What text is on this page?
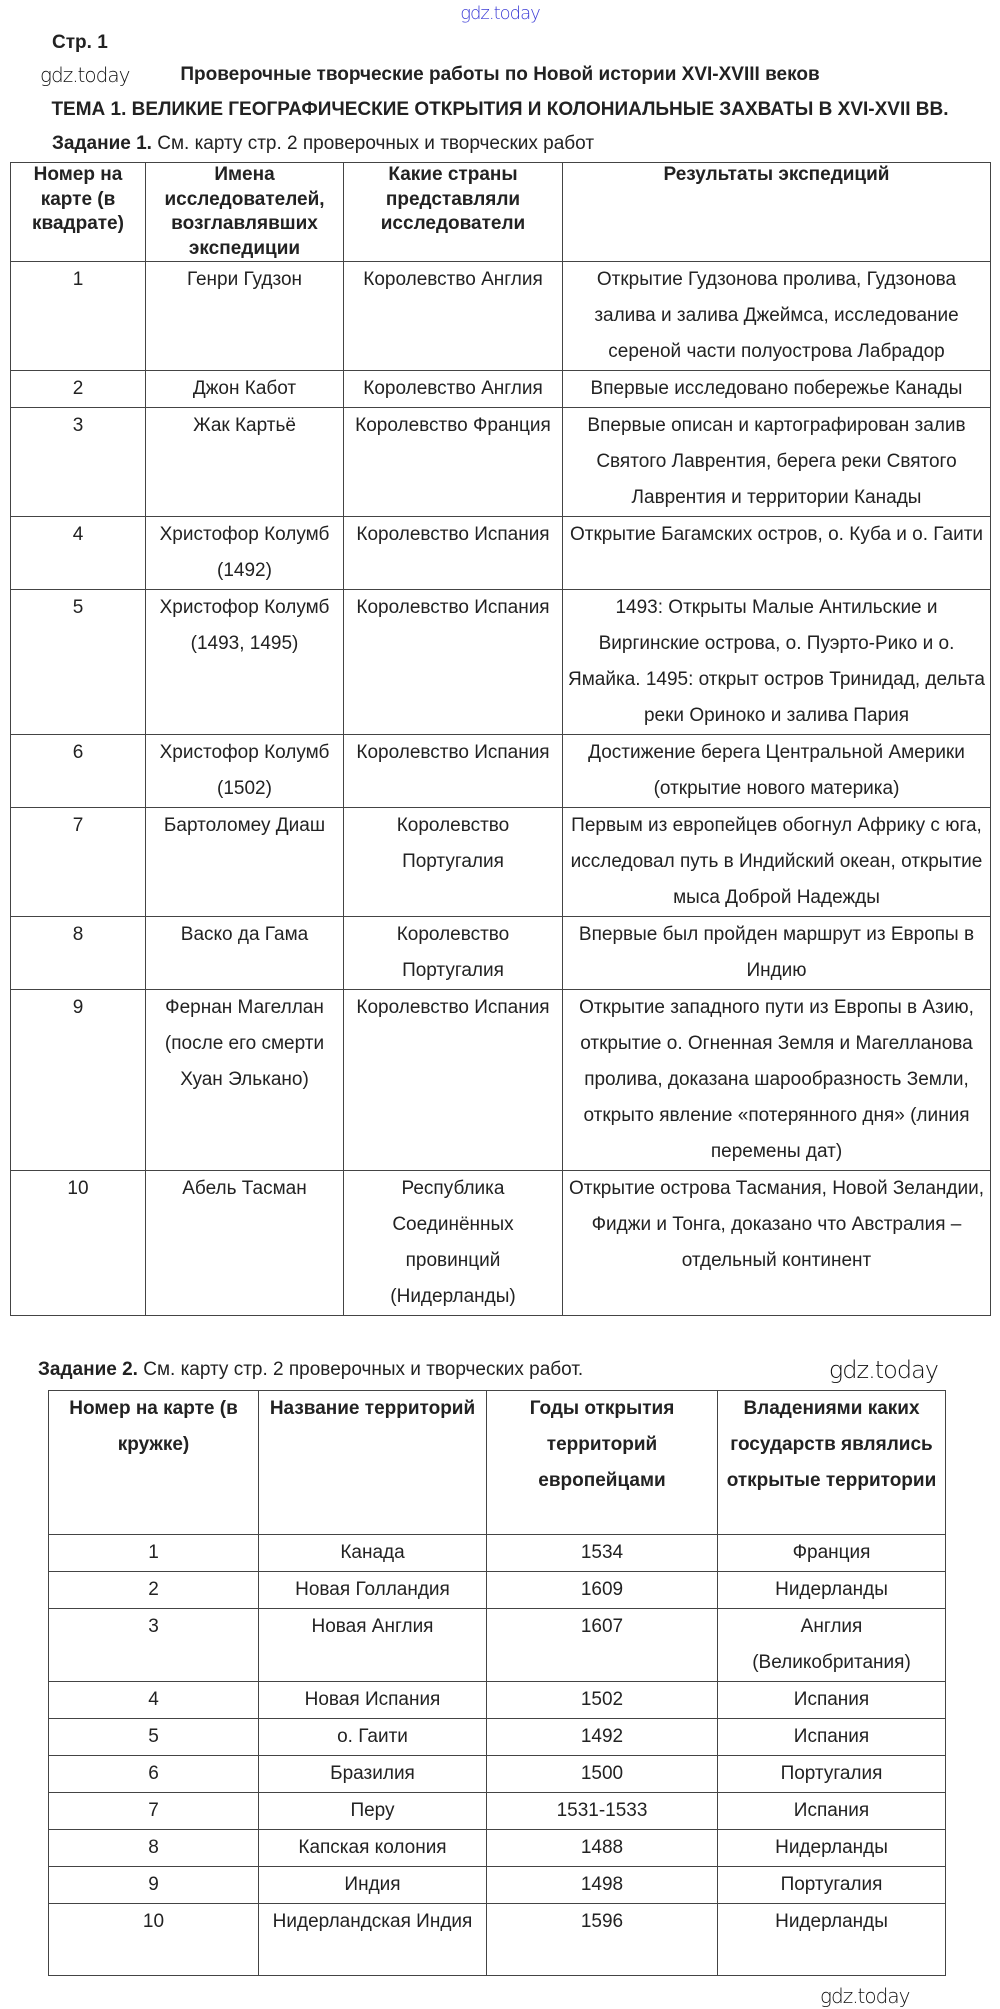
gdz.today
Стр. 1
gdz.today	Проверочные творческие работы по Новой истории XVI-XVIII веков
ТЕМА 1. ВЕЛИКИЕ ГЕОГРАФИЧЕСКИЕ ОТКРЫТИЯ И КОЛОНИАЛЬНЫЕ ЗАХВАТЫ В XVI-XVII ВВ.
Задание 1. См. карту стр. 2 проверочных и творческих работ
Номер на карте (в квадрате)	Имена исследователей, возглавлявших экспедиции	Какие страны представляли исследователи	Результаты экспедиций
1	Генри Гудзон	Королевство Англия	Открытие Гудзонова пролива, Гудзонова залива и залива Джеймса, исследование сереной части полуострова Лабрадор
2	Джон Кабот	Королевство Англия	Впервые исследовано побережье Канады
3	Жак Картьё	Королевство Франция	Впервые описан и картографирован залив Святого Лаврентия, берега реки Святого Лаврентия и территории Канады
4	Христофор Колумб (1492)	Королевство Испания	Открытие Багамских остров, о. Куба и о. Гаити
5	Христофор Колумб (1493, 1495)	Королевство Испания	1493: Открыты Малые Антильские и Виргинские острова, о. Пуэрто-Рико и о. Ямайка. 1495: открыт остров Тринидад, дельта реки Ориноко и залива Пария
6	Христофор Колумб (1502)	Королевство Испания	Достижение берега Центральной Америки (открытие нового материка)
7	Бартоломеу Диаш	Королевство Португалия	Первым из европейцев обогнул Африку с юга, исследовал путь в Индийский океан, открытие мыса Доброй Надежды
8	Васко да Гама	Королевство Португалия	Впервые был пройден маршрут из Европы в Индию
9	Фернан Магеллан (после его смерти Хуан Элькано)	Королевство Испания	Открытие западного пути из Европы в Азию, открытие о. Огненная Земля и Магелланова пролива, доказана шарообразность Земли, открыто явление «потерянного дня» (линия перемены дат)
10	Абель Тасман	Республика Соединённых провинций (Нидерланды)	Открытие острова Тасмания, Новой Зеландии, Фиджи и Тонга, доказано что Австралия – отдельный континент
Задание 2. См. карту стр. 2 проверочных и творческих работ.	gdz.today
Номер на карте (в кружке)	Название территорий	Годы открытия территорий европейцами	Владениями каких государств являлись открытые территории
1	Канада	1534	Франция
2	Новая Голландия	1609	Нидерланды
3	Новая Англия	1607	Англия (Великобритания)
4	Новая Испания	1502	Испания
5	о. Гаити	1492	Испания
6	Бразилия	1500	Португалия
7	Перу	1531-1533	Испания
8	Капская колония	1488	Нидерланды
9	Индия	1498	Португалия
10	Нидерландская Индия	1596	Нидерланды
gdz.today
